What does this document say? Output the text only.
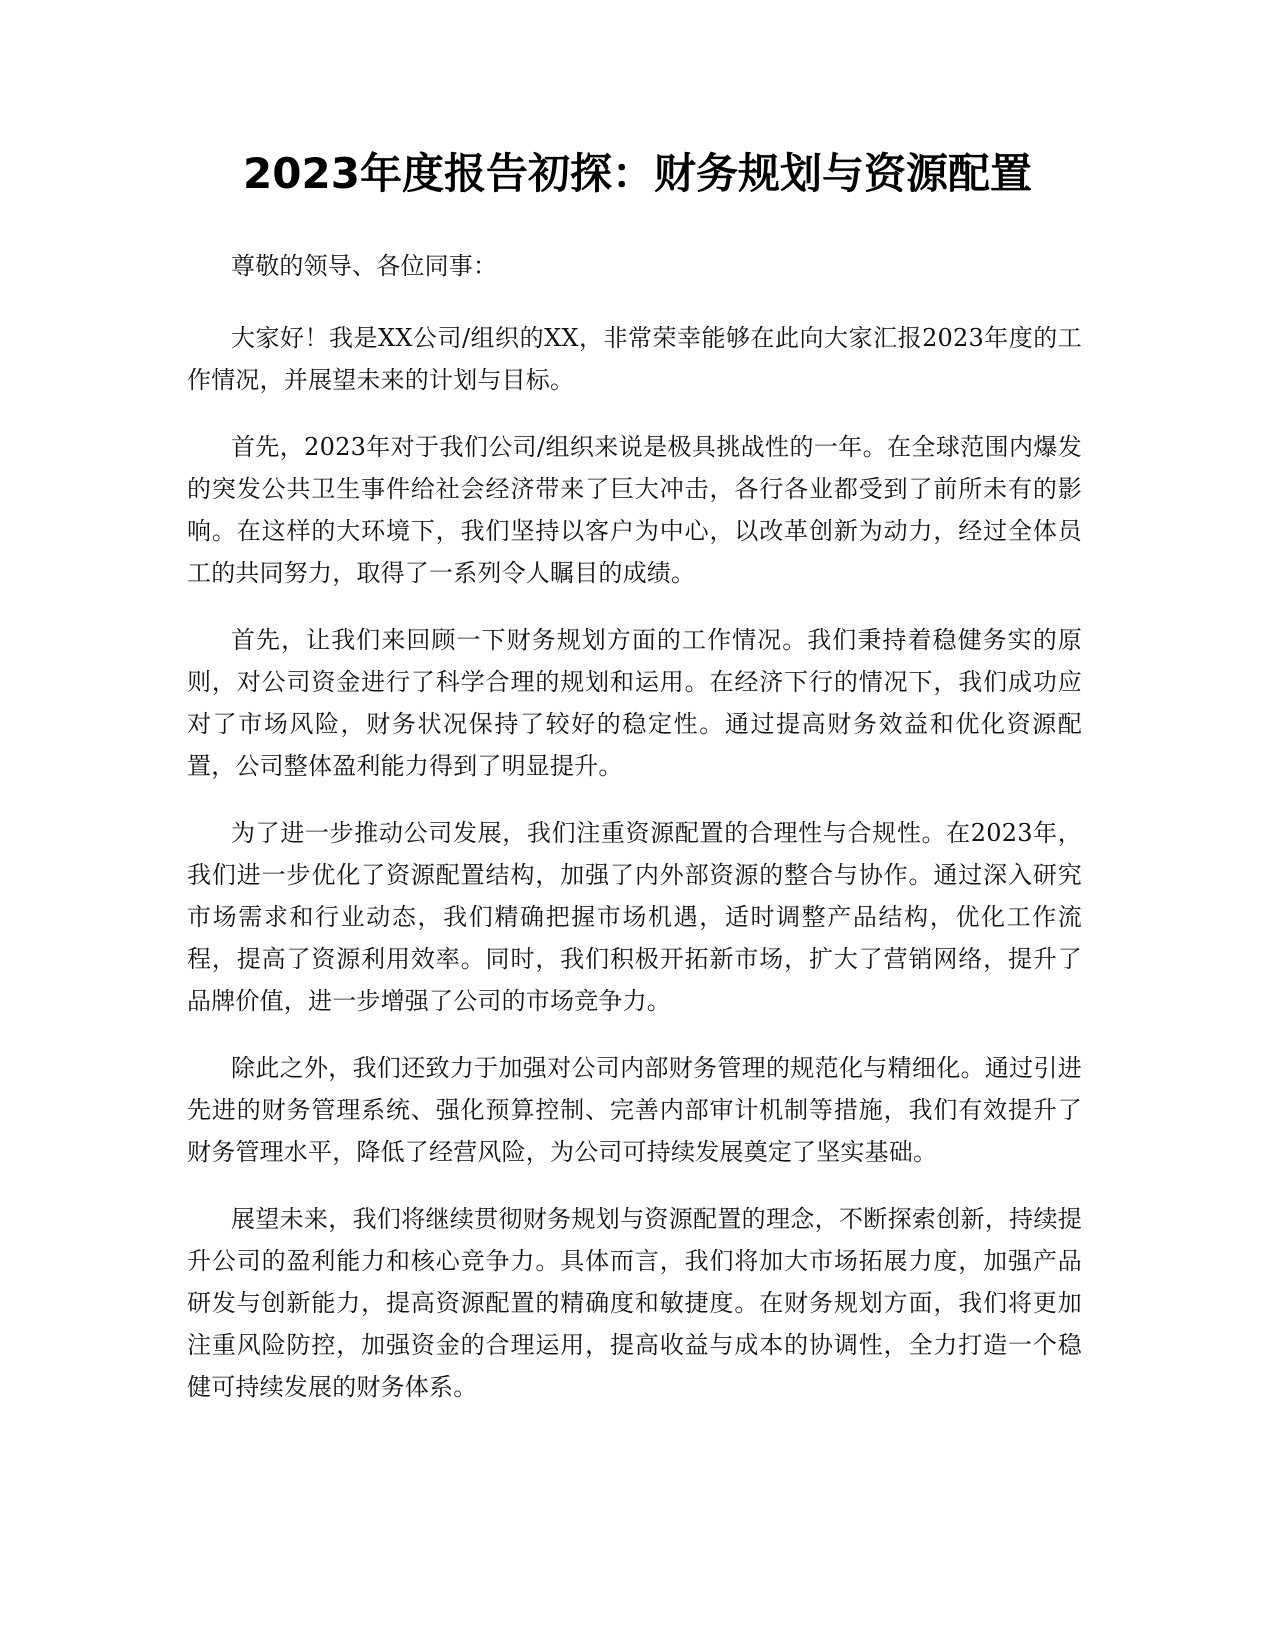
2023年度报告初探：财务规划与资源配置

尊敬的领导、各位同事：

大家好！我是XX公司/组织的XX，非常荣幸能够在此向大家汇报2023年度的工作情况，并展望未来的计划与目标。

首先，2023年对于我们公司/组织来说是极具挑战性的一年。在全球范围内爆发的突发公共卫生事件给社会经济带来了巨大冲击，各行各业都受到了前所未有的影响。在这样的大环境下，我们坚持以客户为中心，以改革创新为动力，经过全体员工的共同努力，取得了一系列令人瞩目的成绩。

首先，让我们来回顾一下财务规划方面的工作情况。我们秉持着稳健务实的原则，对公司资金进行了科学合理的规划和运用。在经济下行的情况下，我们成功应对了市场风险，财务状况保持了较好的稳定性。通过提高财务效益和优化资源配置，公司整体盈利能力得到了明显提升。

为了进一步推动公司发展，我们注重资源配置的合理性与合规性。在2023年，我们进一步优化了资源配置结构，加强了内外部资源的整合与协作。通过深入研究市场需求和行业动态，我们精确把握市场机遇，适时调整产品结构，优化工作流程，提高了资源利用效率。同时，我们积极开拓新市场，扩大了营销网络，提升了品牌价值，进一步增强了公司的市场竞争力。

除此之外，我们还致力于加强对公司内部财务管理的规范化与精细化。通过引进先进的财务管理系统、强化预算控制、完善内部审计机制等措施，我们有效提升了财务管理水平，降低了经营风险，为公司可持续发展奠定了坚实基础。

展望未来，我们将继续贯彻财务规划与资源配置的理念，不断探索创新，持续提升公司的盈利能力和核心竞争力。具体而言，我们将加大市场拓展力度，加强产品研发与创新能力，提高资源配置的精确度和敏捷度。在财务规划方面，我们将更加注重风险防控，加强资金的合理运用，提高收益与成本的协调性，全力打造一个稳健可持续发展的财务体系。
